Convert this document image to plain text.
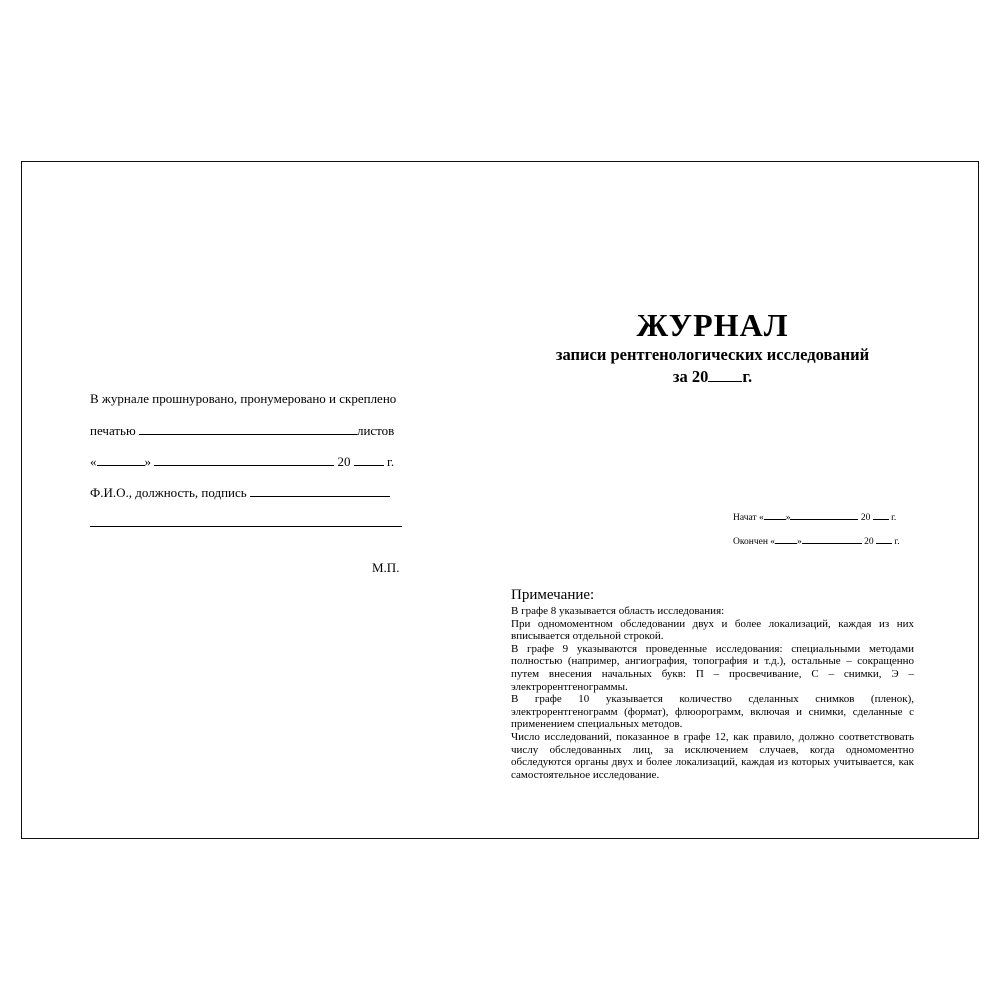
В журнале прошнуровано, пронумеровано и скреплено
печатью	листов
«	»	20	г.
Ф.И.О., должность, подпись
М.П.
ЖУРНАЛ
записи рентгенологических исследований
за 20 г.
Начат « »	20 г.
Окончен « »	20 г.
Примечание:

В графе 8 указывается область исследования:

При одномоментном обследовании двух и более локализаций, каждая из них вписывается отдельной строкой.

В графе 9 указываются проведенные исследования: специальными методами полностью (например, ангиография, топография и т.д.), остальные – сокращенно путем внесения начальных букв: П – просвечивание, С – снимки, Э – электрорентгенограммы.

В графе 10 указывается количество сделанных снимков (пленок), электрорентгенограмм (формат), флюорограмм, включая и снимки, сделанные с применением специальных методов.

Число исследований, показанное в графе 12, как правило, должно соответствовать числу обследованных лиц, за исключением случаев, когда одномоментно обследуются органы двух и более локализаций, каждая из которых учитывается, как самостоятельное исследование.
